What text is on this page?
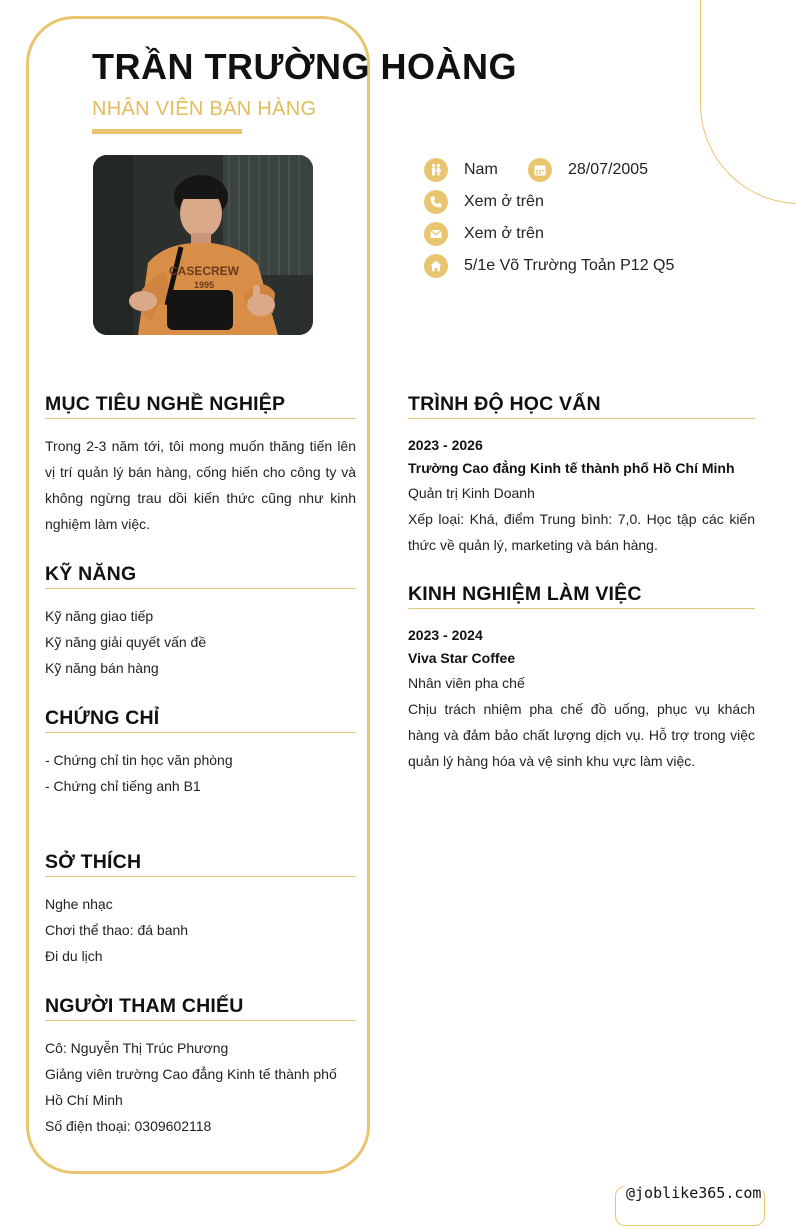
TRẦN TRƯỜNG HOÀNG
NHÂN VIÊN BÁN HÀNG
CASECREW
1995
Nam	28/07/2005
Xem ở trên
Xem ở trên
5/1e Võ Trường Toản P12 Q5
MỤC TIÊU NGHỀ NGHIỆP
Trong 2-3 năm tới, tôi mong muốn thăng tiến lên vị trí quản lý bán hàng, cống hiến cho công ty và không ngừng trau dồi kiến thức cũng như kinh nghiệm làm việc.
KỸ NĂNG
Kỹ năng giao tiếp
Kỹ năng giải quyết vấn đề
Kỹ năng bán hàng
CHỨNG CHỈ
- Chứng chỉ tin học văn phòng
- Chứng chỉ tiếng anh B1
SỞ THÍCH
Nghe nhạc
Chơi thể thao: đá banh
Đi du lịch
NGƯỜI THAM CHIẾU
Cô: Nguyễn Thị Trúc Phương
Giảng viên trường Cao đẳng Kinh tế thành phố Hồ Chí Minh
Số điện thoại: 0309602118
TRÌNH ĐỘ HỌC VẤN
2023 - 2026
Trường Cao đẳng Kinh tế thành phố Hồ Chí Minh
Quản trị Kinh Doanh
Xếp loại: Khá, điểm Trung bình: 7,0. Học tập các kiến thức về quản lý, marketing và bán hàng.
KINH NGHIỆM LÀM VIỆC
2023 - 2024
Viva Star Coffee
Nhân viên pha chế
Chịu trách nhiệm pha chế đồ uống, phục vụ khách hàng và đảm bảo chất lượng dịch vụ. Hỗ trợ trong việc quản lý hàng hóa và vệ sinh khu vực làm việc.
@joblike365.com
